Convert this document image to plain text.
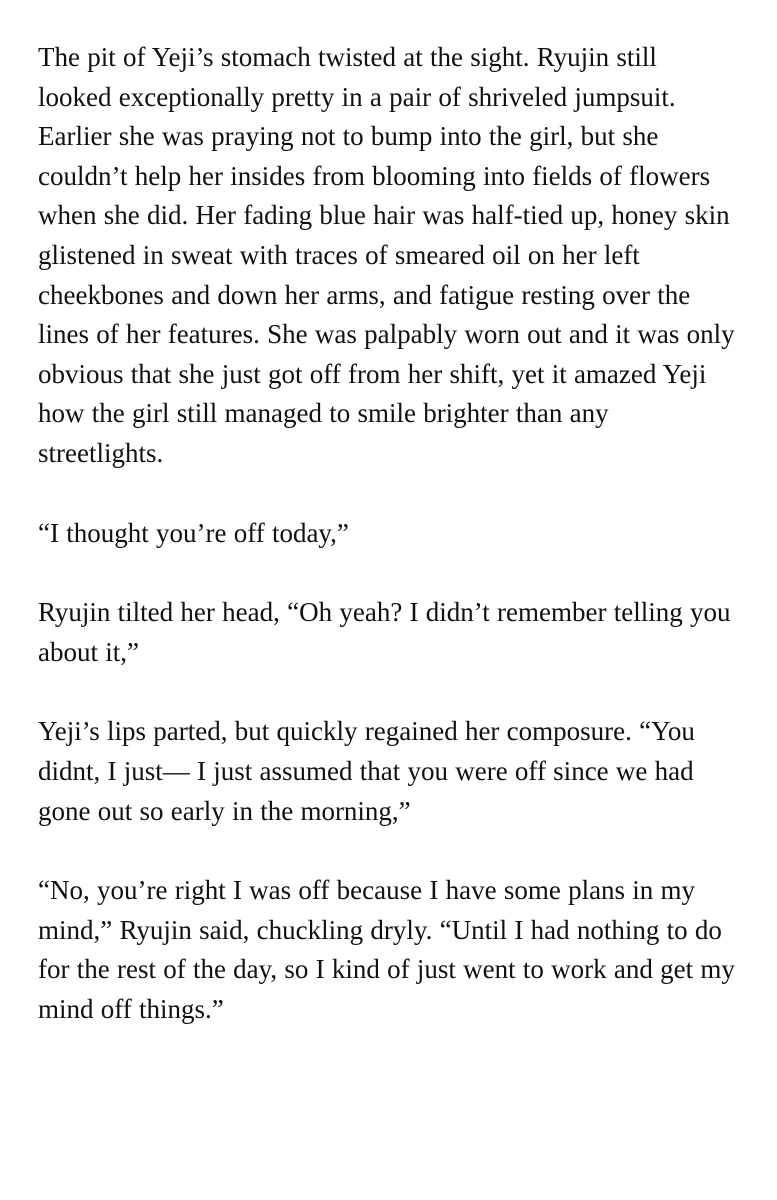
The pit of Yeji’s stomach twisted at the sight. Ryujin still looked exceptionally pretty in a pair of shriveled jumpsuit. Earlier she was praying not to bump into the girl, but she couldn’t help her insides from blooming into fields of flowers when she did. Her fading blue hair was half-tied up, honey skin glistened in sweat with traces of smeared oil on her left cheekbones and down her arms, and fatigue resting over the lines of her features. She was palpably worn out and it was only obvious that she just got off from her shift, yet it amazed Yeji how the girl still managed to smile brighter than any streetlights.

“I thought you’re off today,”

Ryujin tilted her head, “Oh yeah? I didn’t remember telling you about it,”

Yeji’s lips parted, but quickly regained her composure. “You didnt, I just— I just assumed that you were off since we had gone out so early in the morning,”

“No, you’re right I was off because I have some plans in my mind,” Ryujin said, chuckling dryly. “Until I had nothing to do for the rest of the day, so I kind of just went to work and get my mind off things.”
